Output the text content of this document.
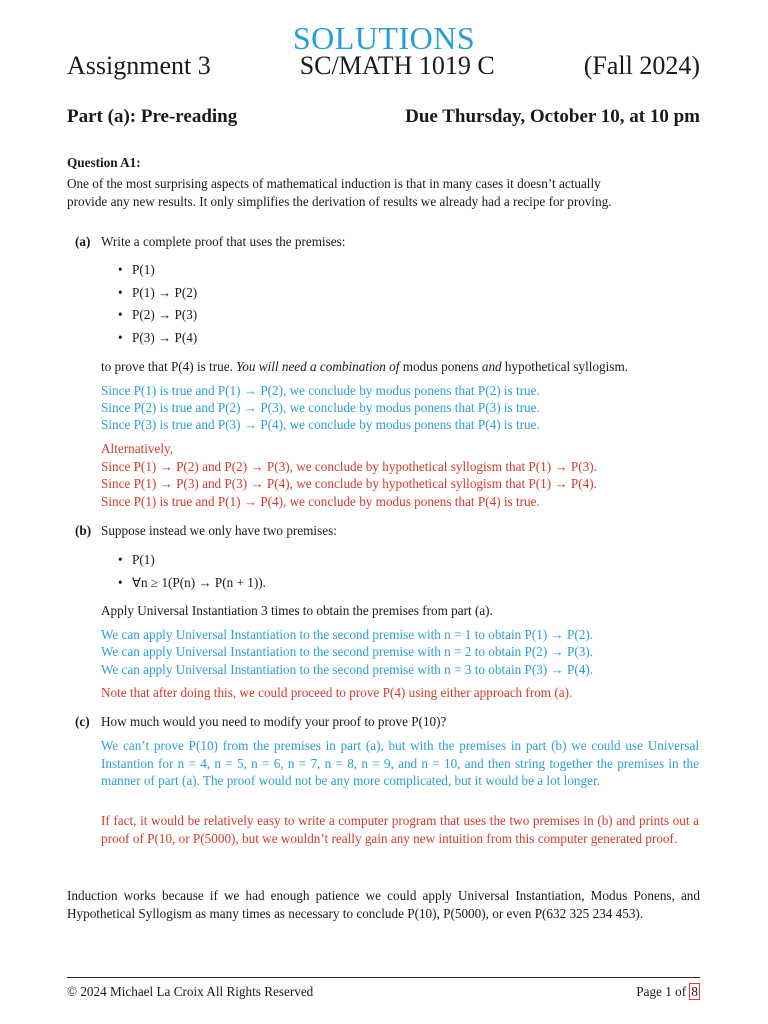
SOLUTIONS
Assignment 3	SC/MATH 1019 C	(Fall 2024)
Part (a): Pre-reading	Due Thursday, October 10, at 10 pm
Question A1:
One of the most surprising aspects of mathematical induction is that in many cases it doesn’t actually
provide any new results. It only simplifies the derivation of results we already had a recipe for proving.
(a) Write a complete proof that uses the premises:
• P(1)
• P(1) → P(2)
• P(2) → P(3)
• P(3) → P(4)
to prove that P(4) is true. You will need a combination of modus ponens and hypothetical syllogism.
Since P(1) is true and P(1) → P(2), we conclude by modus ponens that P(2) is true.
Since P(2) is true and P(2) → P(3), we conclude by modus ponens that P(3) is true.
Since P(3) is true and P(3) → P(4), we conclude by modus ponens that P(4) is true.
Alternatively,
Since P(1) → P(2) and P(2) → P(3), we conclude by hypothetical syllogism that P(1) → P(3).
Since P(1) → P(3) and P(3) → P(4), we conclude by hypothetical syllogism that P(1) → P(4).
Since P(1) is true and P(1) → P(4), we conclude by modus ponens that P(4) is true.
(b) Suppose instead we only have two premises:
• P(1)
• ∀n ≥ 1(P(n) → P(n + 1)).
Apply Universal Instantiation 3 times to obtain the premises from part (a).
We can apply Universal Instantiation to the second premise with n = 1 to obtain P(1) → P(2).
We can apply Universal Instantiation to the second premise with n = 2 to obtain P(2) → P(3).
We can apply Universal Instantiation to the second premise with n = 3 to obtain P(3) → P(4).
Note that after doing this, we could proceed to prove P(4) using either approach from (a).
(c) How much would you need to modify your proof to prove P(10)?
We can’t prove P(10) from the premises in part (a), but with the premises in part (b) we could use Universal Instantion for n = 4, n = 5, n = 6, n = 7, n = 8, n = 9, and n = 10, and then string together the premises in the manner of part (a). The proof would not be any more complicated, but it would be a lot longer.
If fact, it would be relatively easy to write a computer program that uses the two premises in (b) and prints out a proof of P(10, or P(5000), but we wouldn’t really gain any new intuition from this computer generated proof.
Induction works because if we had enough patience we could apply Universal Instantiation, Modus Ponens, and Hypothetical Syllogism as many times as necessary to conclude P(10), P(5000), or even P(632 325 234 453).
© 2024 Michael La Croix All Rights Reserved	Page 1 of 8
